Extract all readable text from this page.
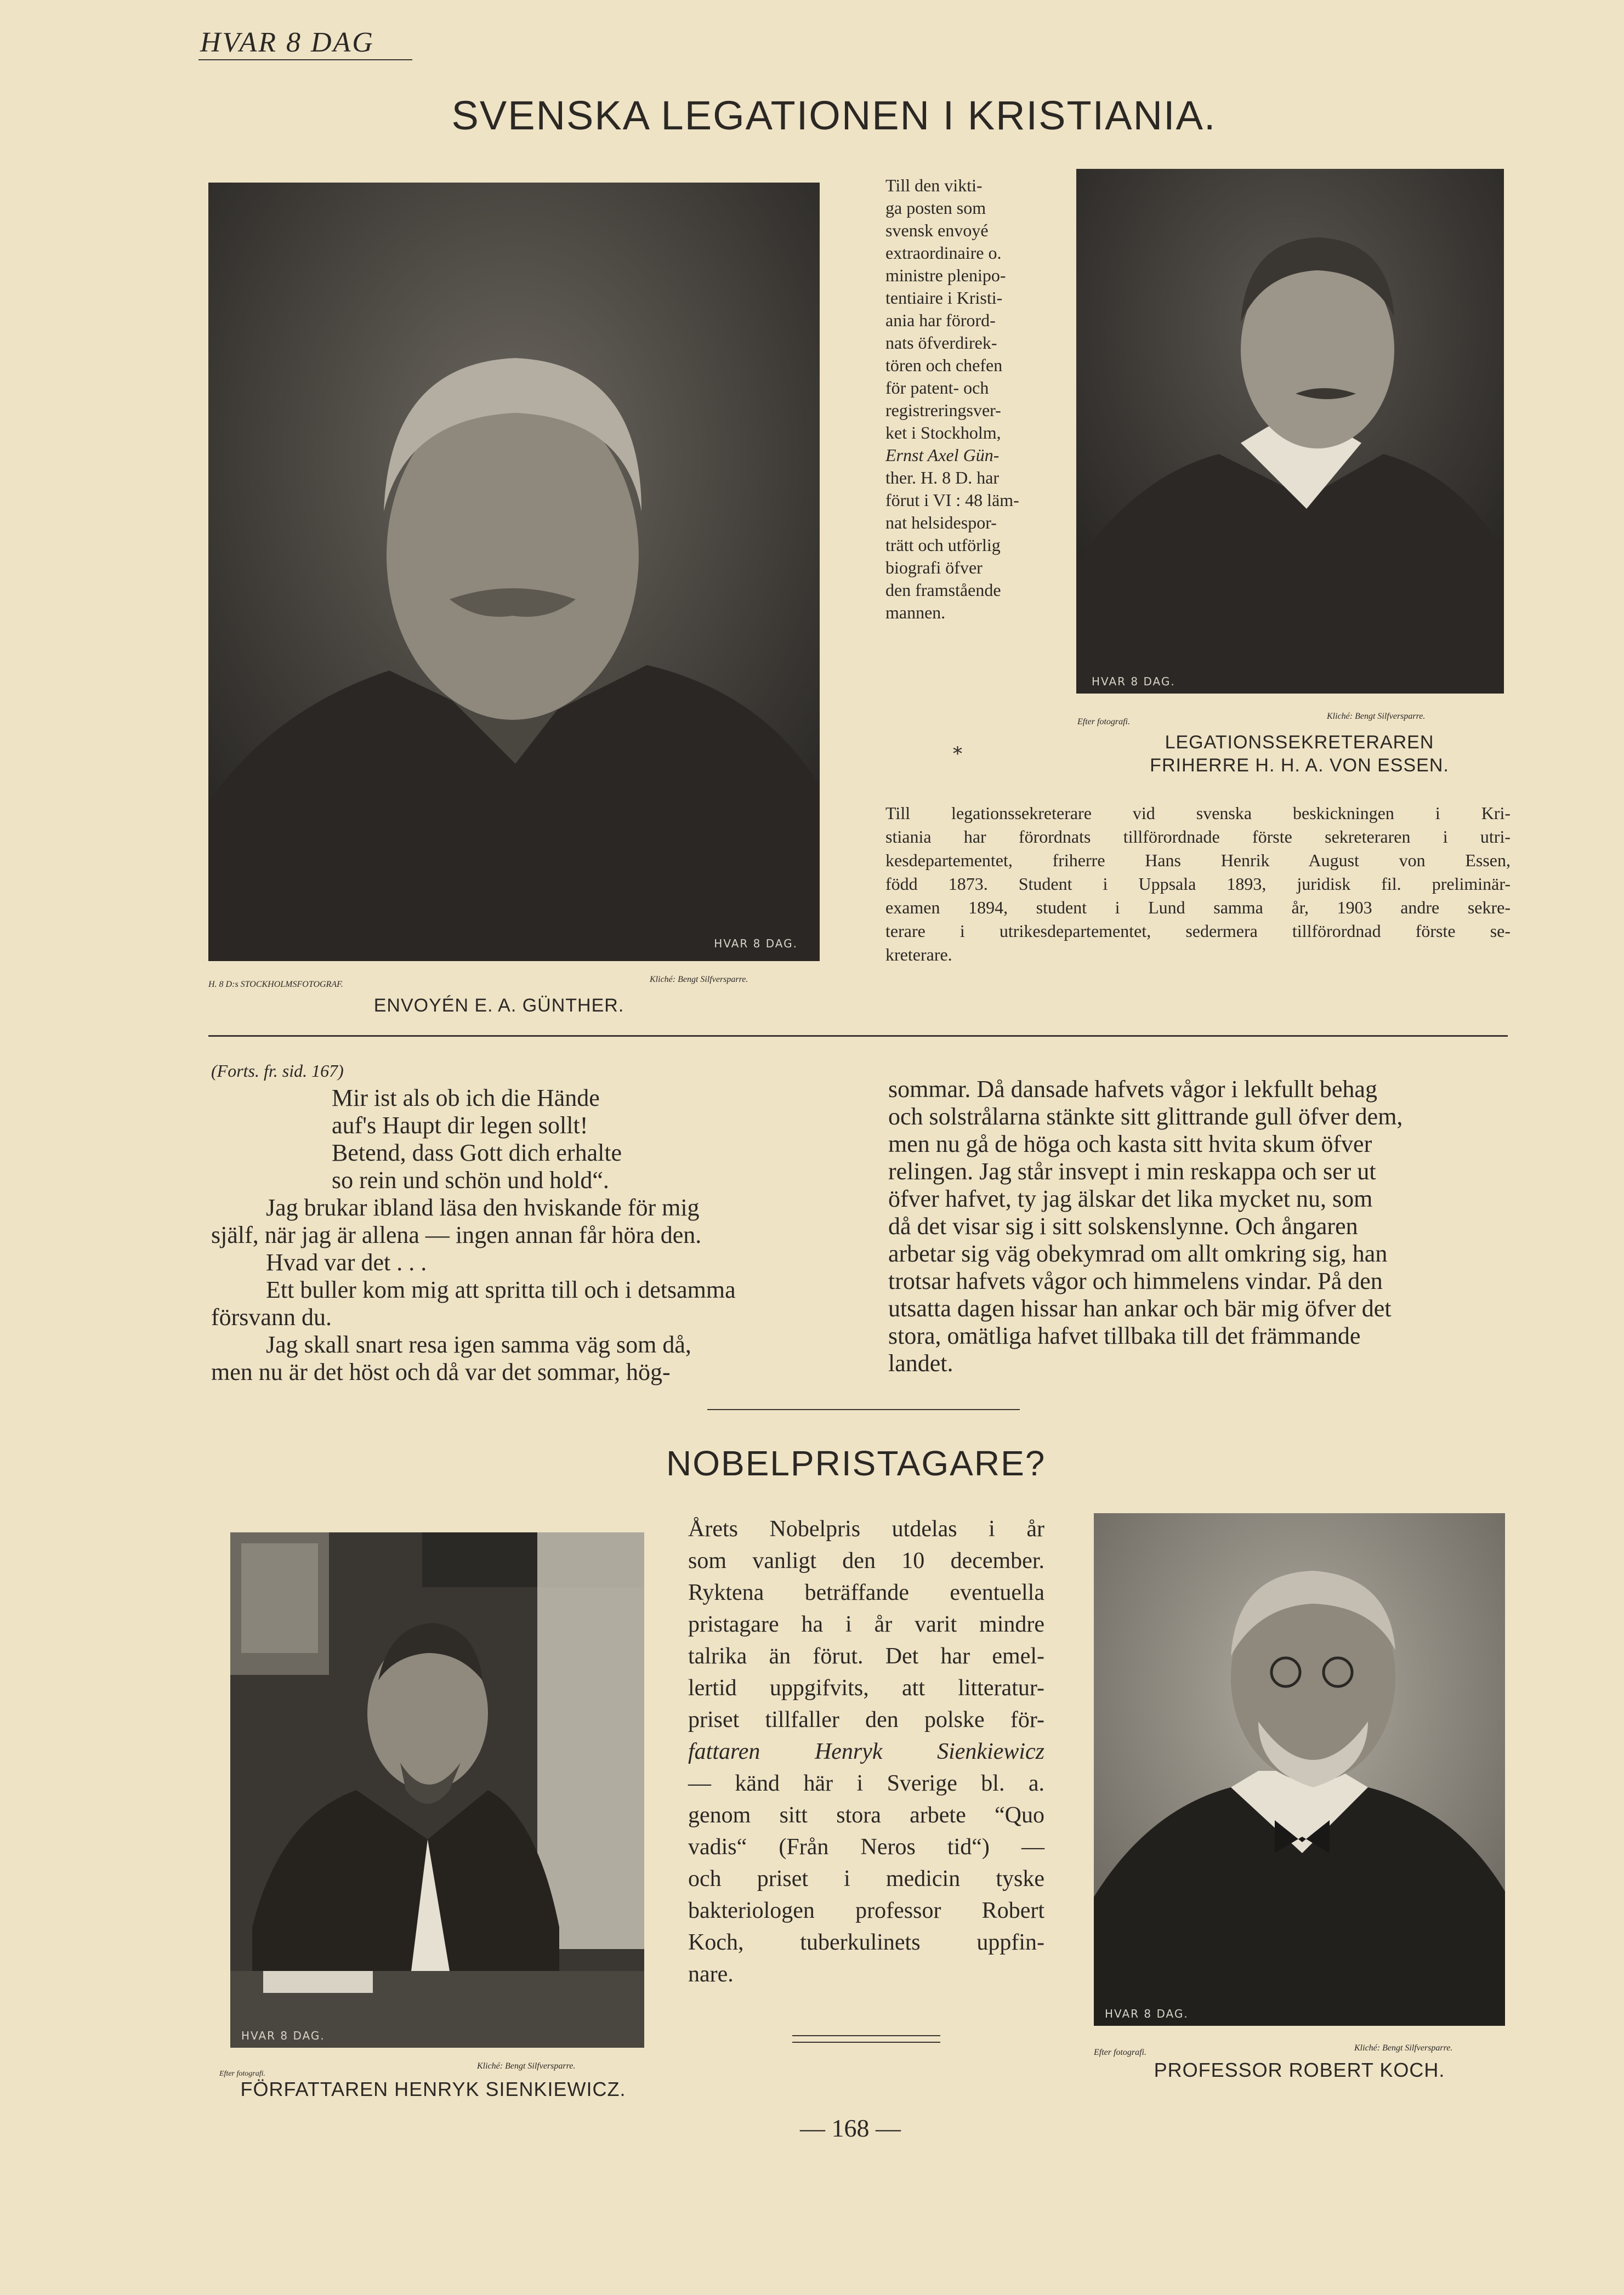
HVAR 8 DAG
SVENSKA LEGATIONEN I KRISTIANIA.
HVAR 8 DAG.
H. 8 D:s STOCKHOLMSFOTOGRAF.
Kliché: Bengt Silfversparre.
ENVOYÉN E. A. GÜNTHER.

Till den vikti-

ga posten som

svensk envoyé

extraordinaire o.

ministre plenipo-

tentiaire i Kristi-

ania har förord-

nats öfverdirek-

tören och chefen

för patent- och

registreringsver-

ket i Stockholm,

Ernst Axel Gün-

ther. H. 8 D. har

förut i VI : 48 läm-

nat helsidespor-

trätt och utförlig

biografi öfver

den framstående

mannen.

*
HVAR 8 DAG.
Efter fotografi.
Kliché: Bengt Silfversparre.
LEGATIONSSEKRETERAREN
FRIHERRE H. H. A. VON ESSEN.
Till legationssekreterare vid svenska beskickningen i Kri-
stiania har förordnats tillförordnade förste sekreteraren i utri-
kesdepartementet, friherre Hans Henrik August von Essen,
född 1873. Student i Uppsala 1893, juridisk fil. preliminär-
examen 1894, student i Lund samma år, 1903 andre sekre-
terare i utrikesdepartementet, sedermera tillförordnad förste se-
kreterare.
(Forts. fr. sid. 167)
Mir ist als ob ich die Hände
auf's Haupt dir legen sollt!
Betend, dass Gott dich erhalte
so rein und schön und hold“.
Jag brukar ibland läsa den hviskande för mig
själf, när jag är allena — ingen annan får höra den.
Hvad var det . . .
Ett buller kom mig att spritta till och i detsamma
försvann du.
Jag skall snart resa igen samma väg som då,
men nu är det höst och då var det sommar, hög-
sommar. Då dansade hafvets vågor i lekfullt behag
och solstrålarna stänkte sitt glittrande gull öfver dem,
men nu gå de höga och kasta sitt hvita skum öfver
relingen. Jag står insvept i min reskappa och ser ut
öfver hafvet, ty jag älskar det lika mycket nu, som
då det visar sig i sitt solskenslynne. Och ångaren
arbetar sig väg obekymrad om allt omkring sig, han
trotsar hafvets vågor och himmelens vindar. På den
utsatta dagen hissar han ankar och bär mig öfver det
stora, omätliga hafvet tillbaka till det främmande
landet.
NOBELPRISTAGARE?
HVAR 8 DAG.
Efter fotografi.
Kliché: Bengt Silfversparre.
FÖRFATTAREN HENRYK SIENKIEWICZ.
Årets Nobelpris utdelas i år
som vanligt den 10 december.
Ryktena beträffande eventuella
pristagare ha i år varit mindre
talrika än förut. Det har emel-
lertid uppgifvits, att litteratur-
priset tillfaller den polske för-
fattaren Henryk Sienkiewicz
— känd här i Sverige bl. a.
genom sitt stora arbete “Quo
vadis“ (Från Neros tid“) —
och priset i medicin tyske
bakteriologen professor Robert
Koch, tuberkulinets uppfin-
nare.
HVAR 8 DAG.
Efter fotografi.	Kliché: Bengt Silfversparre.
PROFESSOR ROBERT KOCH.
— 168 —
